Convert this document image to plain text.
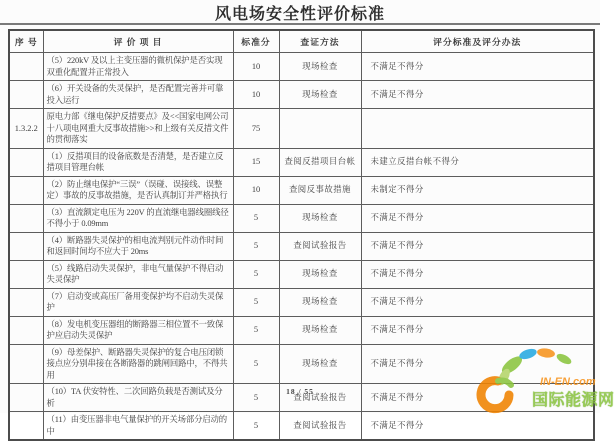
风电场安全性评价标准
序 号	评 价 项 目	标准分	查证方法	评分标准及评分办法
	（5）220kV 及以上主变压器的微机保护是否实现双重化配置并正常投入	10	现场检查	不满足不得分
	（6）开关设备的失灵保护，是否配置完善并可靠投入运行	10	现场检查	不满足不得分
1.3.2.2	原电力部《继电保护反措要点》及<<国家电网公司十八项电网重大反事故措施>>和上级有关反措文件的贯彻落实	75		
	（1）反措项目的设备底数是否清楚，是否建立反措项目管理台帐	15	查阅反措项目台帐	未建立反措台帐不得分
	（2）防止继电保护“三误”（误碰、误接线、误整定）事故的反事故措施，是否认真制订并严格执行	10	查阅反事故措施	未制定不得分
	（3）直流额定电压为 220V 的直流继电器线圈线径不得小于 0.09mm	5	现场检查	不满足不得分
	（4）断路器失灵保护的相电流判别元件动作时间和返回时间均不应大于 20ms	5	查阅试验报告	不满足不得分
	（5）线路启动失灵保护，非电气量保护不得启动失灵保护	5	现场检查	不满足不得分
	（7）启动变或高压厂备用变保护均不启动失灵保护	5	现场检查	不满足不得分
	（8）发电机变压器组的断路器三相位置不一致保护应启动失灵保护	5	现场检查	不满足不得分
	（9）母差保护、断路器失灵保护的复合电压闭锁接点应分别串接在各断路器的跳闸回路中，不得共用	5	现场检查	不满足不得分
	（10）TA 伏安特性、二次回路负载是否测试及分析	5	查阅试验报告	不满足不得分
	（11）由变压器非电气量保护的开关场部分启动的中	5	查阅试验报告	不满足不得分
18 / 55
IN-EN.com
国际能源网
